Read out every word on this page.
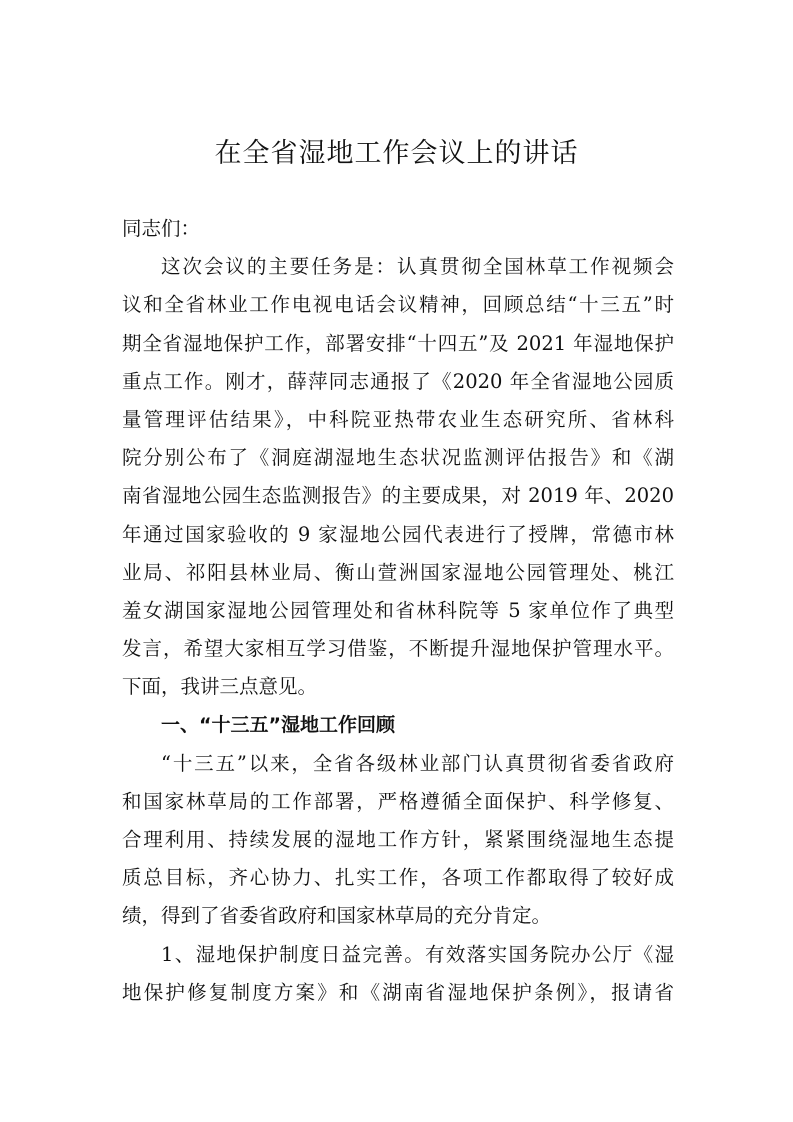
在全省湿地工作会议上的讲话
同志们：
这次会议的主要任务是：认真贯彻全国林草工作视频会
议和全省林业工作电视电话会议精神，回顾总结“十三五”时
期全省湿地保护工作，部署安排“十四五”及 2021 年湿地保护
重点工作。刚才，薛萍同志通报了《2020 年全省湿地公园质
量管理评估结果》，中科院亚热带农业生态研究所、省林科
院分别公布了《洞庭湖湿地生态状况监测评估报告》和《湖
南省湿地公园生态监测报告》的主要成果，对 2019 年、2020
年通过国家验收的 9 家湿地公园代表进行了授牌，常德市林
业局、祁阳县林业局、衡山萱洲国家湿地公园管理处、桃江
羞女湖国家湿地公园管理处和省林科院等 5 家单位作了典型
发言，希望大家相互学习借鉴，不断提升湿地保护管理水平。
下面，我讲三点意见。
一、“十三五”湿地工作回顾
“十三五”以来，全省各级林业部门认真贯彻省委省政府
和国家林草局的工作部署，严格遵循全面保护、科学修复、
合理利用、持续发展的湿地工作方针，紧紧围绕湿地生态提
质总目标，齐心协力、扎实工作，各项工作都取得了较好成
绩，得到了省委省政府和国家林草局的充分肯定。
1、湿地保护制度日益完善。有效落实国务院办公厅《湿
地保护修复制度方案》和《湖南省湿地保护条例》，报请省
